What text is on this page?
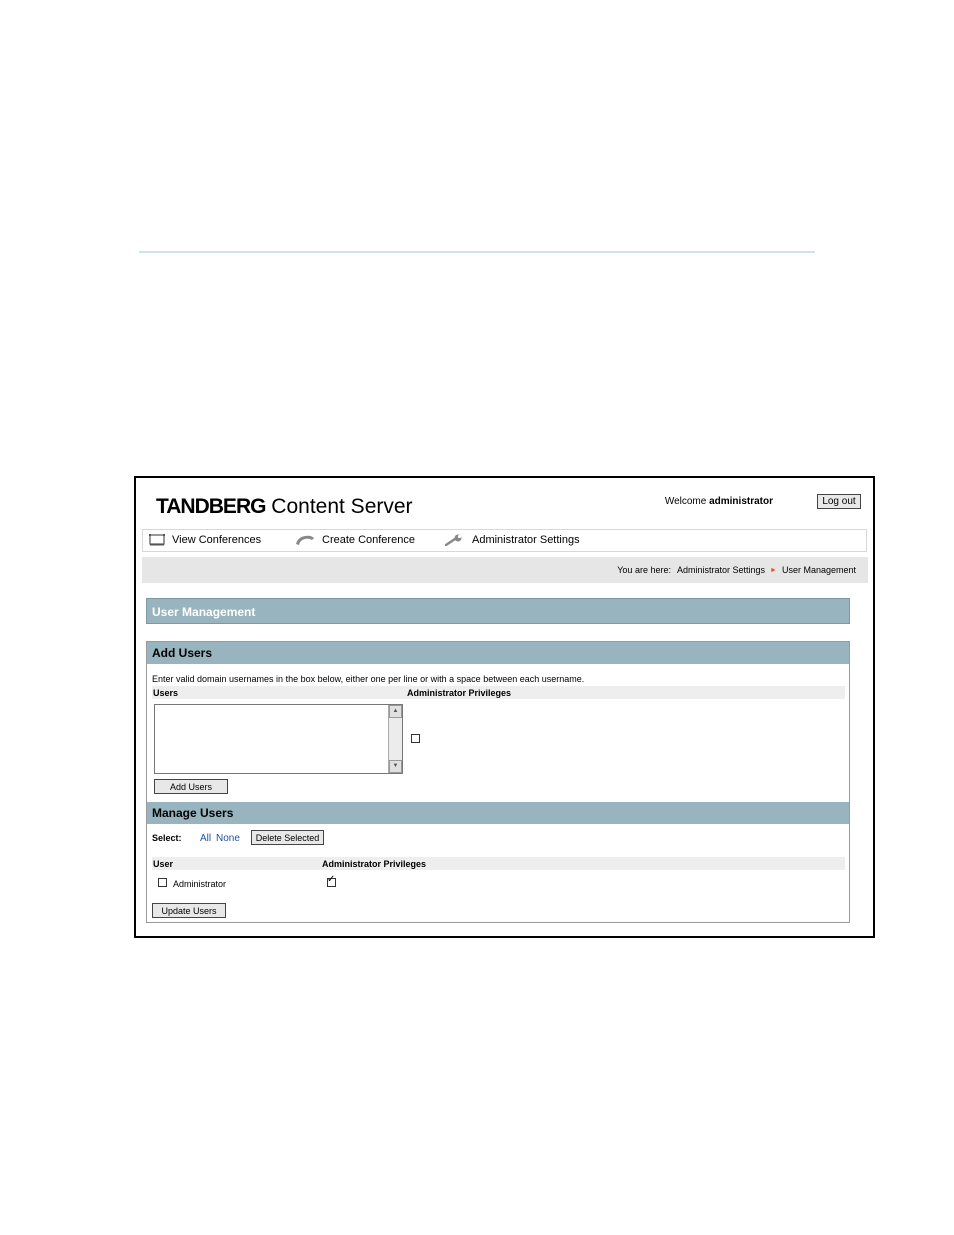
TANDBERG Content Server	Welcome administrator	Log out
View Conferences	Create Conference	Administrator Settings
You are here: Administrator Settings ► User Management
User Management
Add Users
Enter valid domain usernames in the box below, either one per line or with a space between each username.
Users	Administrator Privileges
▲
▼
Add Users
Manage Users
Select: All None	Delete Selected
User	Administrator Privileges
Administrator	✓
Update Users
